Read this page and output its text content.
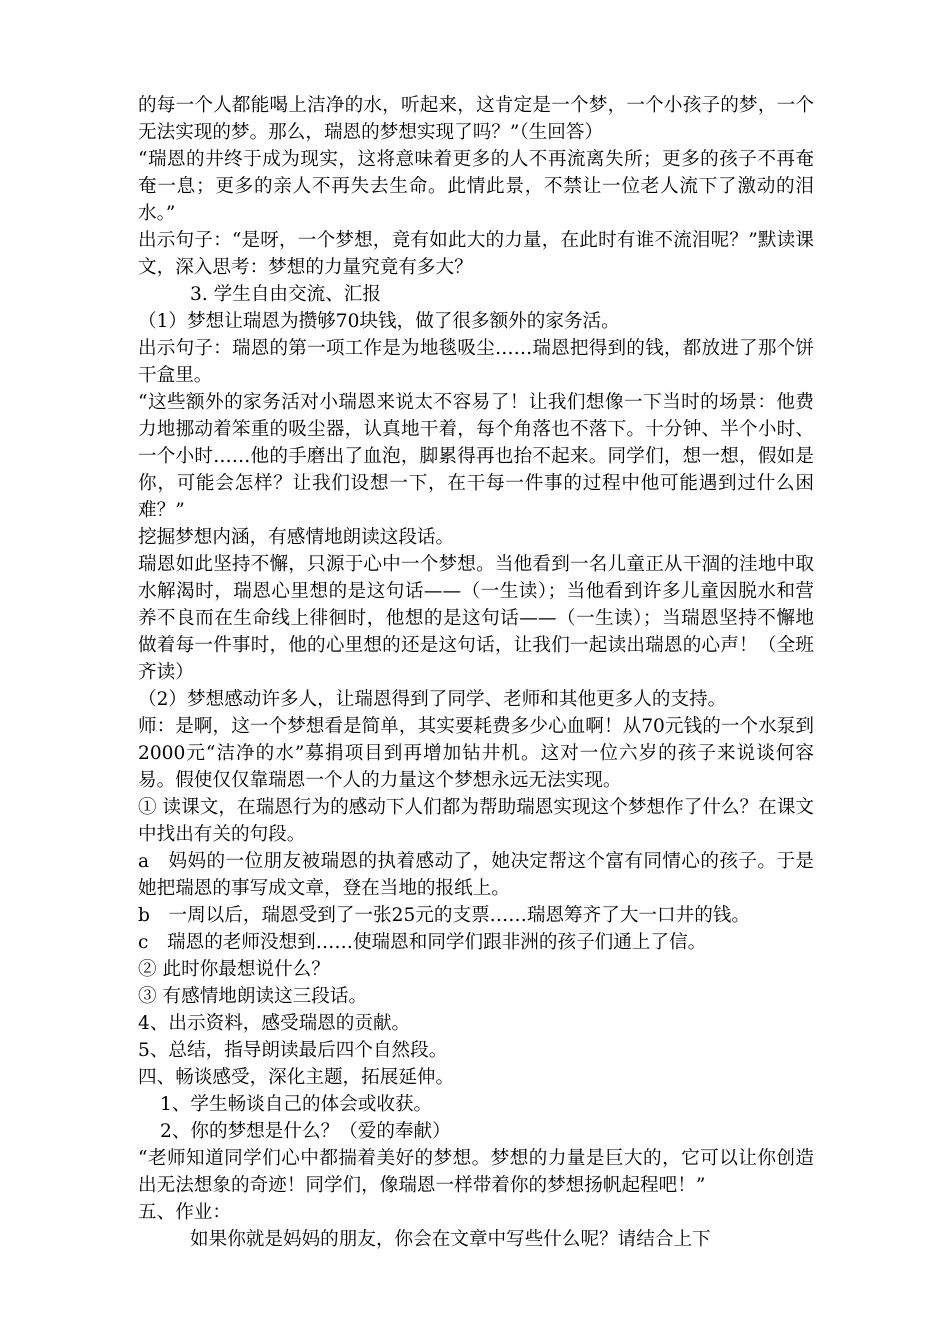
的每一个人都能喝上洁净的水，听起来，这肯定是一个梦，一个小孩子的梦，一个无法实现的梦。那么，瑞恩的梦想实现了吗？”（生回答）

“瑞恩的井终于成为现实，这将意味着更多的人不再流离失所；更多的孩子不再奄奄一息；更多的亲人不再失去生命。此情此景，不禁让一位老人流下了激动的泪水。”

出示句子：“是呀，一个梦想，竟有如此大的力量，在此时有谁不流泪呢？”默读课文，深入思考：梦想的力量究竟有多大？

3. 学生自由交流、汇报

（1）梦想让瑞恩为攒够70块钱，做了很多额外的家务活。

出示句子：瑞恩的第一项工作是为地毯吸尘……瑞恩把得到的钱，都放进了那个饼干盒里。

“这些额外的家务活对小瑞恩来说太不容易了！让我们想像一下当时的场景：他费力地挪动着笨重的吸尘器，认真地干着，每个角落也不落下。十分钟、半个小时、一个小时……他的手磨出了血泡，脚累得再也抬不起来。同学们，想一想，假如是你，可能会怎样？让我们设想一下，在干每一件事的过程中他可能遇到过什么困难？”

挖掘梦想内涵，有感情地朗读这段话。

瑞恩如此坚持不懈，只源于心中一个梦想。当他看到一名儿童正从干涸的洼地中取水解渴时，瑞恩心里想的是这句话——（一生读）；当他看到许多儿童因脱水和营养不良而在生命线上徘徊时，他想的是这句话——（一生读）；当瑞恩坚持不懈地做着每一件事时，他的心里想的还是这句话，让我们一起读出瑞恩的心声！（全班齐读）

（2）梦想感动许多人，让瑞恩得到了同学、老师和其他更多人的支持。

师：是啊，这一个梦想看是简单，其实要耗费多少心血啊！从70元钱的一个水泵到2000元“洁净的水”募捐项目到再增加钻井机。这对一位六岁的孩子来说谈何容易。假使仅仅靠瑞恩一个人的力量这个梦想永远无法实现。

① 读课文，在瑞恩行为的感动下人们都为帮助瑞恩实现这个梦想作了什么？在课文中找出有关的句段。

a　妈妈的一位朋友被瑞恩的执着感动了，她决定帮这个富有同情心的孩子。于是她把瑞恩的事写成文章，登在当地的报纸上。

b　一周以后，瑞恩受到了一张25元的支票……瑞恩筹齐了大一口井的钱。

c　瑞恩的老师没想到……使瑞恩和同学们跟非洲的孩子们通上了信。

② 此时你最想说什么？

③ 有感情地朗读这三段话。

4、出示资料，感受瑞恩的贡献。

5、总结，指导朗读最后四个自然段。

四、畅谈感受，深化主题，拓展延伸。

1、学生畅谈自己的体会或收获。

2、你的梦想是什么？（爱的奉献）

“老师知道同学们心中都揣着美好的梦想。梦想的力量是巨大的，它可以让你创造出无法想象的奇迹！同学们，像瑞恩一样带着你的梦想扬帆起程吧！”

五、作业：

如果你就是妈妈的朋友，你会在文章中写些什么呢？请结合上下
